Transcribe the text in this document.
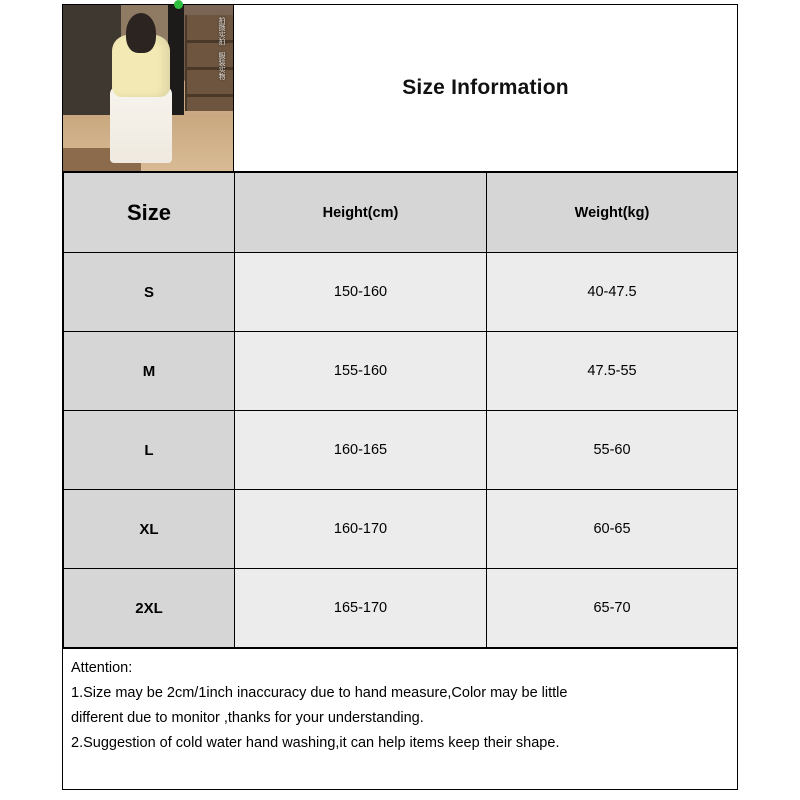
拍摄实拍 服装实物
Size Information
Size	Height(cm)	Weight(kg)
S	150-160	40-47.5
M	155-160	47.5-55
L	160-165	55-60
XL	160-170	60-65
2XL	165-170	65-70

Attention:

1.Size may be 2cm/1inch inaccuracy due to hand measure,Color may be little

different due to monitor ,thanks for your understanding.

2.Suggestion of cold water hand washing,it can help items keep their shape.
